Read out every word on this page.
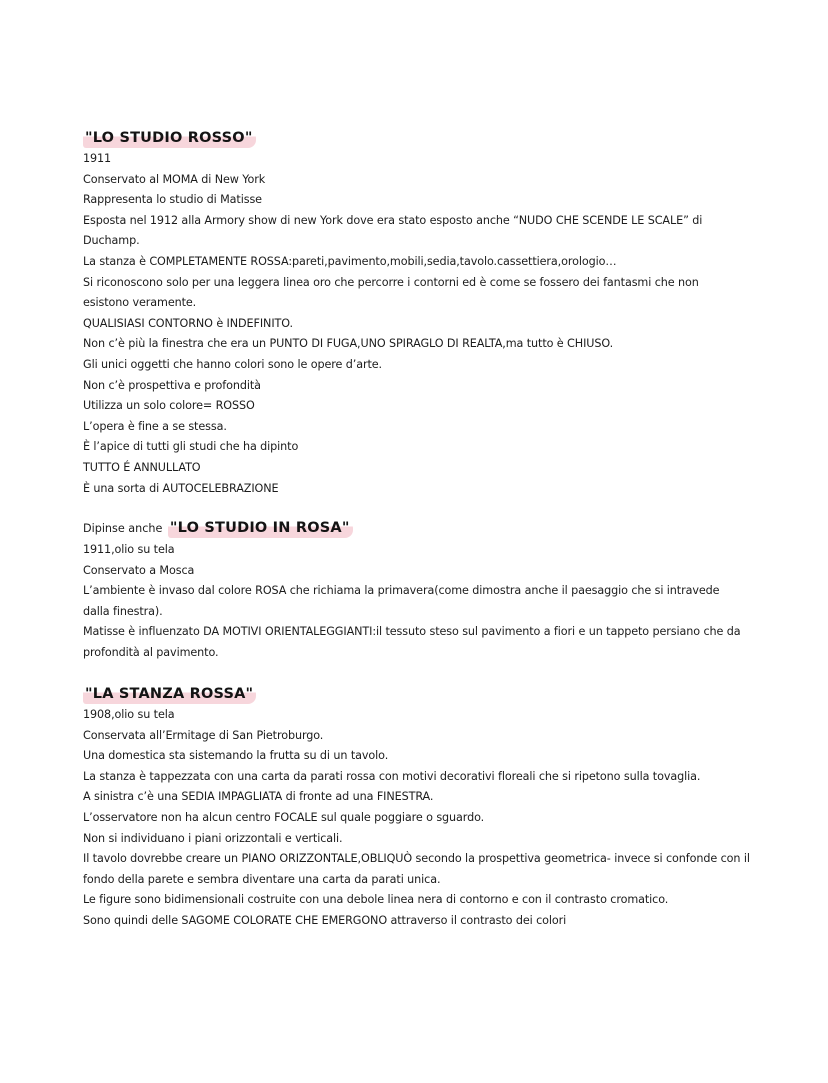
"LO STUDIO ROSSO"
1911
Conservato al MOMA di New York
Rappresenta lo studio di Matisse
Esposta nel 1912 alla Armory show di new York dove era stato esposto anche “NUDO CHE SCENDE LE SCALE” di
Duchamp.
La stanza è COMPLETAMENTE ROSSA:pareti,pavimento,mobili,sedia,tavolo.cassettiera,orologio…
Si riconoscono solo per una leggera linea oro che percorre i contorni ed è come se fossero dei fantasmi che non
esistono veramente.
QUALISIASI CONTORNO è INDEFINITO.
Non c’è più la finestra che era un PUNTO DI FUGA,UNO SPIRAGLO DI REALTA,ma tutto è CHIUSO.
Gli unici oggetti che hanno colori sono le opere d’arte.
Non c’è prospettiva e profondità
Utilizza un solo colore= ROSSO
L’opera è fine a se stessa.
È l’apice di tutti gli studi che ha dipinto
TUTTO É ANNULLATO
È una sorta di AUTOCELEBRAZIONE
Dipinse anche "LO STUDIO IN ROSA"
1911,olio su tela
Conservato a Mosca
L’ambiente è invaso dal colore ROSA che richiama la primavera(come dimostra anche il paesaggio che si intravede
dalla finestra).
Matisse è influenzato DA MOTIVI ORIENTALEGGIANTI:il tessuto steso sul pavimento a fiori e un tappeto persiano che da
profondità al pavimento.
"LA STANZA ROSSA"
1908,olio su tela
Conservata all’Ermitage di San Pietroburgo.
Una domestica sta sistemando la frutta su di un tavolo.
La stanza è tappezzata con una carta da parati rossa con motivi decorativi floreali che si ripetono sulla tovaglia.
A sinistra c’è una SEDIA IMPAGLIATA di fronte ad una FINESTRA.
L’osservatore non ha alcun centro FOCALE sul quale poggiare o sguardo.
Non si individuano i piani orizzontali e verticali.
Il tavolo dovrebbe creare un PIANO ORIZZONTALE,OBLIQUÒ secondo la prospettiva geometrica- invece si confonde con il
fondo della parete e sembra diventare una carta da parati unica.
Le figure sono bidimensionali costruite con una debole linea nera di contorno e con il contrasto cromatico.
Sono quindi delle SAGOME COLORATE CHE EMERGONO attraverso il contrasto dei colori
